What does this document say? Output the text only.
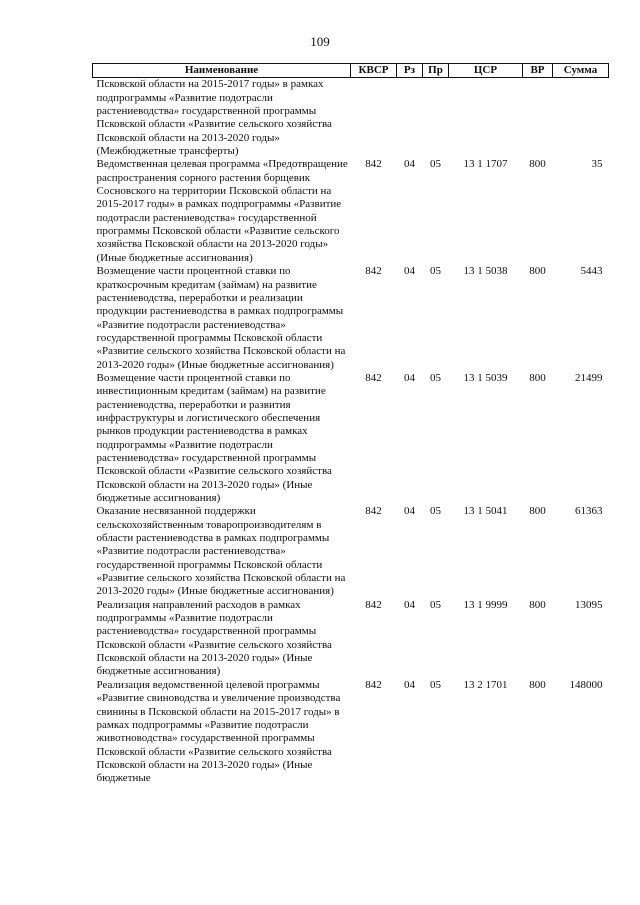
109
Наименование	КВСР	Рз	Пр	ЦСР	ВР	Сумма
Псковской области на 2015-2017 годы» в рамках подпрограммы «Развитие подотрасли растениеводства» государственной программы Псковской области «Развитие сельского хозяйства Псковской области на 2013-2020 годы» (Межбюджетные трансферты)						
Ведомственная целевая программа «Предотвращение распространения сорного растения борщевик Сосновского на территории Псковской области на 2015-2017 годы» в рамках подпрограммы «Развитие подотрасли растениеводства» государственной программы Псковской области «Развитие сельского хозяйства Псковской области на 2013-2020 годы» (Иные бюджетные ассигнования)	842	04	05	13 1 1707	800	35
Возмещение части процентной ставки по краткосрочным кредитам (займам) на развитие растениеводства, переработки и реализации продукции растениеводства в рамках подпрограммы «Развитие подотрасли растениеводства» государственной программы Псковской области «Развитие сельского хозяйства Псковской области на 2013-2020 годы» (Иные бюджетные ассигнования)	842	04	05	13 1 5038	800	5443
Возмещение части процентной ставки по инвестиционным кредитам (займам) на развитие растениеводства, переработки и развития инфраструктуры и логистического обеспечения рынков продукции растениеводства в рамках подпрограммы «Развитие подотрасли растениеводства» государственной программы Псковской области «Развитие сельского хозяйства Псковской области на 2013-2020 годы» (Иные бюджетные ассигнования)	842	04	05	13 1 5039	800	21499
Оказание несвязанной поддержки сельскохозяйственным товаропроизводителям в области растениеводства в рамках подпрограммы «Развитие подотрасли растениеводства» государственной программы Псковской области «Развитие сельского хозяйства Псковской области на 2013-2020 годы» (Иные бюджетные ассигнования)	842	04	05	13 1 5041	800	61363
Реализация направлений расходов в рамках подпрограммы «Развитие подотрасли растениеводства» государственной программы Псковской области «Развитие сельского хозяйства Псковской области на 2013-2020 годы» (Иные бюджетные ассигнования)	842	04	05	13 1 9999	800	13095
Реализация ведомственной целевой программы «Развитие свиноводства и увеличение производства свинины в Псковской области на 2015-2017 годы» в рамках подпрограммы «Развитие подотрасли животноводства» государственной программы Псковской области «Развитие сельского хозяйства Псковской области на 2013-2020 годы» (Иные бюджетные	842	04	05	13 2 1701	800	148000
